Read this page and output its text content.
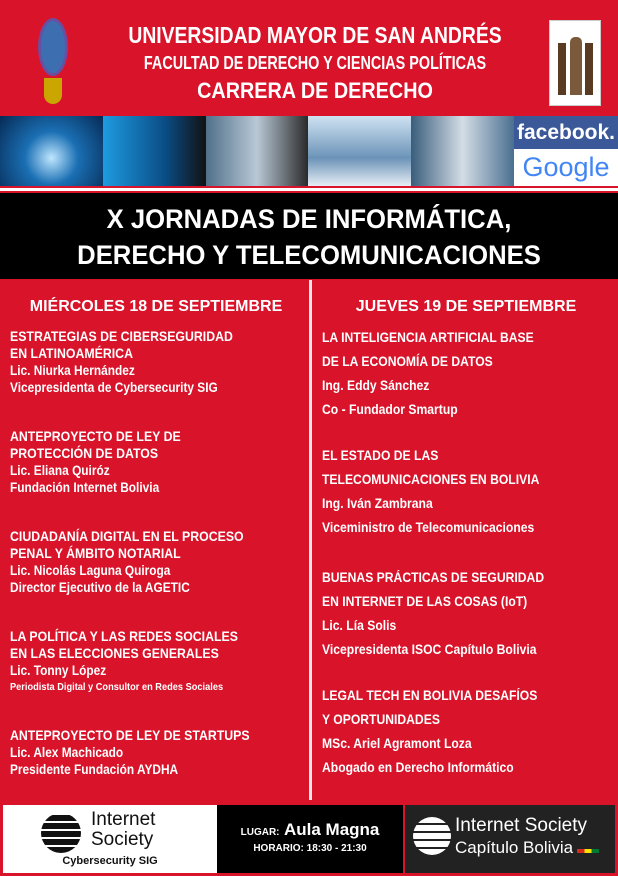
UNIVERSIDAD MAYOR DE SAN ANDRÉS
FACULTAD DE DERECHO Y CIENCIAS POLÍTICAS
CARRERA DE DERECHO
facebook.
Google
X JORNADAS DE INFORMÁTICA,
DERECHO Y TELECOMUNICACIONES
MIÉRCOLES 18 DE SEPTIEMBRE
ESTRATEGIAS DE CIBERSEGURIDAD
EN LATINOAMÉRICA
Lic. Niurka Hernández
Vicepresidenta de Cybersecurity SIG
ANTEPROYECTO DE LEY DE
PROTECCIÓN DE DATOS
Lic. Eliana Quiróz
Fundación Internet Bolivia
CIUDADANÍA DIGITAL EN EL PROCESO
PENAL Y ÁMBITO NOTARIAL
Lic. Nicolás Laguna Quiroga
Director Ejecutivo de la AGETIC
LA POLÍTICA Y LAS REDES SOCIALES
EN LAS ELECCIONES GENERALES
Lic. Tonny López
Periodista Digital y Consultor en Redes Sociales
ANTEPROYECTO DE LEY DE STARTUPS
Lic. Alex Machicado
Presidente Fundación AYDHA
JUEVES 19 DE SEPTIEMBRE
LA INTELIGENCIA ARTIFICIAL BASE
DE LA ECONOMÍA DE DATOS
Ing. Eddy Sánchez
Co - Fundador Smartup
EL ESTADO DE LAS
TELECOMUNICACIONES EN BOLIVIA
Ing. Iván Zambrana
Viceministro de Telecomunicaciones
BUENAS PRÁCTICAS DE SEGURIDAD
EN INTERNET DE LAS COSAS (IoT)
Lic. Lía Solis
Vicepresidenta ISOC Capítulo Bolivia
LEGAL TECH EN BOLIVIA DESAFÍOS
Y OPORTUNIDADES
MSc. Ariel Agramont Loza
Abogado en Derecho Informático
Internet
Society
Cybersecurity SIG
LUGAR: Aula Magna
HORARIO: 18:30 - 21:30
Internet Society
Capítulo Bolivia
